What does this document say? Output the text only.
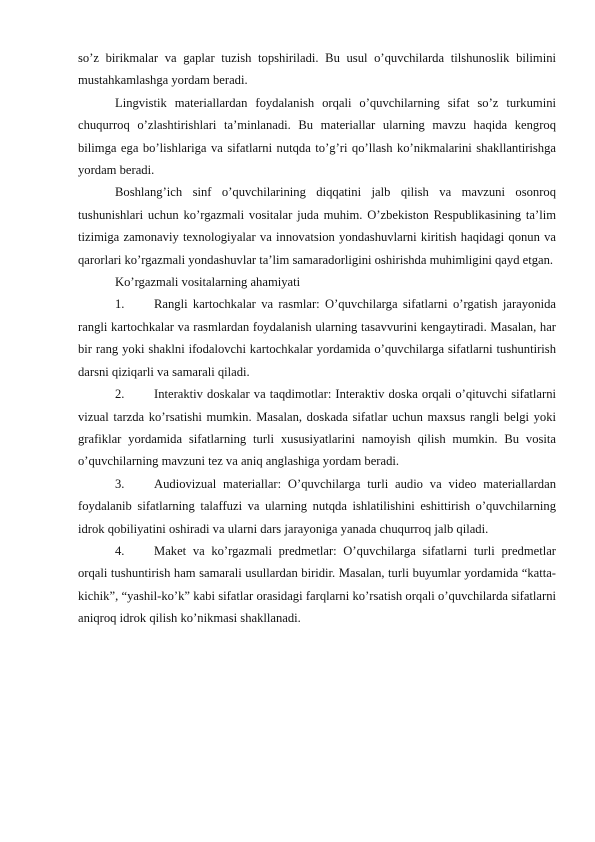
so’z birikmalar va gaplar tuzish topshiriladi. Bu usul o’quvchilarda tilshunoslik bilimini mustahkamlashga yordam beradi.

Lingvistik materiallardan foydalanish orqali o’quvchilarning sifat so’z turkumini chuqurroq o’zlashtirishlari ta’minlanadi. Bu materiallar ularning mavzu haqida kengroq bilimga ega bo’lishlariga va sifatlarni nutqda to’g’ri qo’llash ko’nikmalarini shakllantirishga yordam beradi.

Boshlang’ich sinf o’quvchilarining diqqatini jalb qilish va mavzuni osonroq tushunishlari uchun ko’rgazmali vositalar juda muhim. O’zbekiston Respublikasining ta’lim tizimiga zamonaviy texnologiyalar va innovatsion yondashuvlarni kiritish haqidagi qonun va qarorlari ko’rgazmali yondashuvlar ta’lim samaradorligini oshirishda muhimligini qayd etgan.

Ko’rgazmali vositalarning ahamiyati

1. Rangli kartochkalar va rasmlar: O’quvchilarga sifatlarni o’rgatish jarayonida rangli kartochkalar va rasmlardan foydalanish ularning tasavvurini kengaytiradi. Masalan, har bir rang yoki shaklni ifodalovchi kartochkalar yordamida o’quvchilarga sifatlarni tushuntirish darsni qiziqarli va samarali qiladi.

2. Interaktiv doskalar va taqdimotlar: Interaktiv doska orqali o’qituvchi sifatlarni vizual tarzda ko’rsatishi mumkin. Masalan, doskada sifatlar uchun maxsus rangli belgi yoki grafiklar yordamida sifatlarning turli xususiyatlarini namoyish qilish mumkin. Bu vosita o’quvchilarning mavzuni tez va aniq anglashiga yordam beradi.

3. Audiovizual materiallar: O’quvchilarga turli audio va video materiallardan foydalanib sifatlarning talaffuzi va ularning nutqda ishlatilishini eshittirish o’quvchilarning idrok qobiliyatini oshiradi va ularni dars jarayoniga yanada chuqurroq jalb qiladi.

4. Maket va ko’rgazmali predmetlar: O’quvchilarga sifatlarni turli predmetlar orqali tushuntirish ham samarali usullardan biridir. Masalan, turli buyumlar yordamida “katta-kichik”, “yashil-ko’k” kabi sifatlar orasidagi farqlarni ko’rsatish orqali o’quvchilarda sifatlarni aniqroq idrok qilish ko’nikmasi shakllanadi.
